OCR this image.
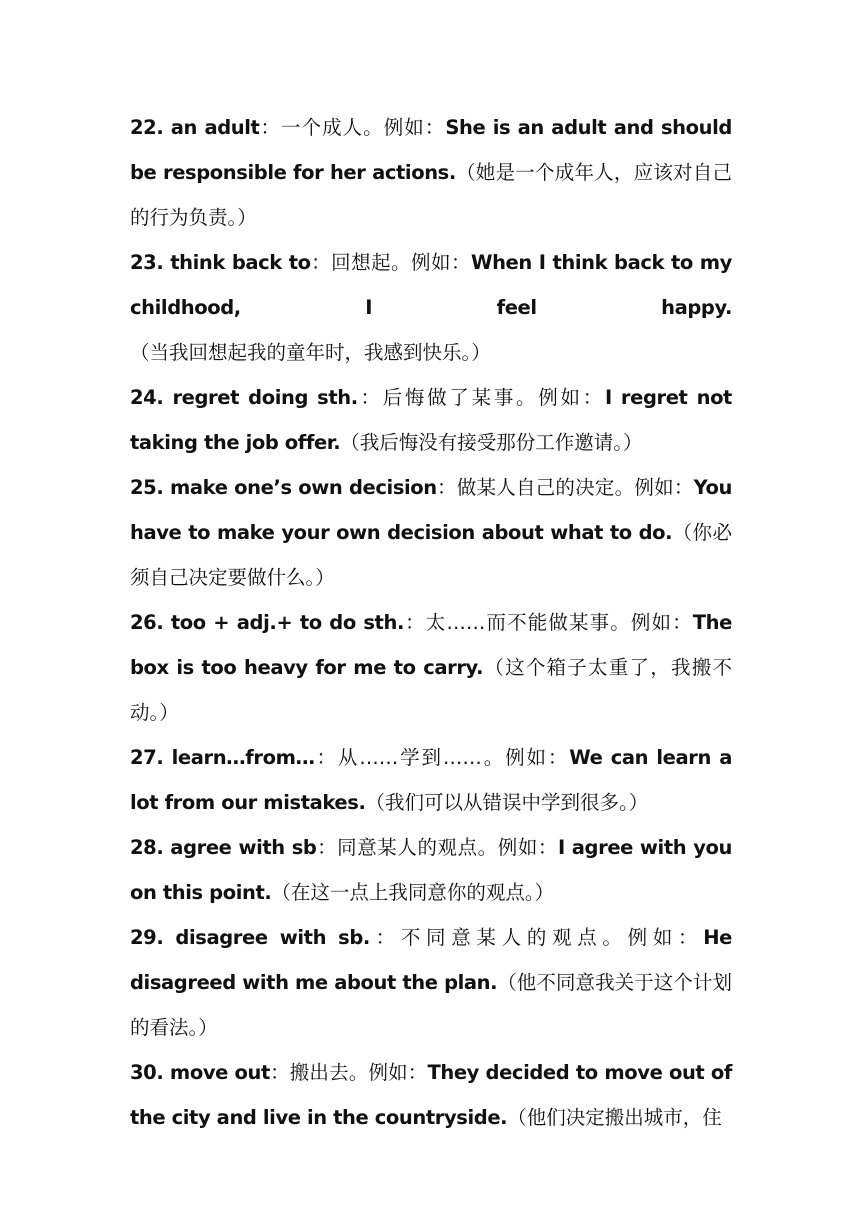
22. an adult：一个成人。例如：She is an adult and should be responsible for her actions.（她是一个成年人，应该对自己的行为负责。）

23. think back to：回想起。例如：When I think back to my childhood, I feel happy.（当我回想起我的童年时，我感到快乐。）

24. regret doing sth.：后悔做了某事。例如：I regret not taking the job offer.（我后悔没有接受那份工作邀请。）

25. make one’s own decision：做某人自己的决定。例如：You have to make your own decision about what to do.（你必须自己决定要做什么。）

26. too + adj.+ to do sth.：太……而不能做某事。例如：The box is too heavy for me to carry.（这个箱子太重了，我搬不动。）

27. learn…from…：从……学到……。例如：We can learn a lot from our mistakes.（我们可以从错误中学到很多。）

28. agree with sb：同意某人的观点。例如：I agree with you on this point.（在这一点上我同意你的观点。）

29. disagree with sb.：不同意某人的观点。例如：He disagreed with me about the plan.（他不同意我关于这个计划的看法。）

30. move out：搬出去。例如：They decided to move out of the city and live in the countryside.（他们决定搬出城市，住
